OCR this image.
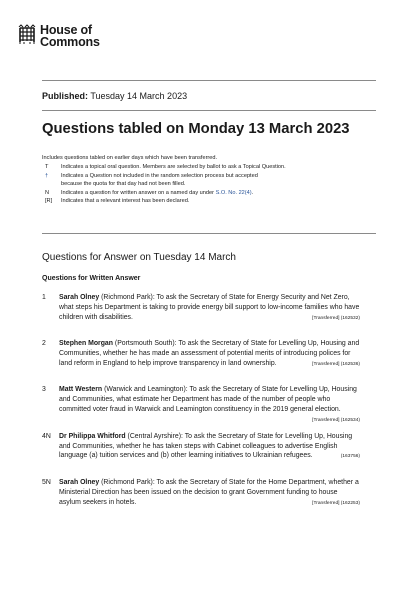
House of
Commons
Published: Tuesday 14 March 2023
Questions tabled on Monday 13 March 2023
Includes questions tabled on earlier days which have been transferred.
T	Indicates a topical oral question. Members are selected by ballot to ask a Topical Question.
†	Indicates a Question not included in the random selection process but accepted because the quota for that day had not been filled.
N	Indicates a question for written answer on a named day under S.O. No. 22(4).
[R]	Indicates that a relevant interest has been declared.
Questions for Answer on Tuesday 14 March
Questions for Written Answer
1 Sarah Olney (Richmond Park): To ask the Secretary of State for Energy Security and Net Zero, what steps his Department is taking to provide energy bill support to low-income families who have children with disabilities.	[Transferred] (162532)
2 Stephen Morgan (Portsmouth South): To ask the Secretary of State for Levelling Up, Housing and Communities, whether he has made an assessment of potential merits of introducing polices for land reform in England to help improve transparency in land ownership.	[Transferred] (162536)
3 Matt Western (Warwick and Leamington): To ask the Secretary of State for Levelling Up, Housing and Communities, what estimate her Department has made of the number of people who committed voter fraud in Warwick and Leamington constituency in the 2019 general election.
[Transferred] (162534)
4N Dr Philippa Whitford (Central Ayrshire): To ask the Secretary of State for Levelling Up, Housing and Communities, whether he has taken steps with Cabinet colleagues to advertise English language (a) tuition services and (b) other learning initiatives to Ukrainian refugees.	(163756)
5N Sarah Olney (Richmond Park): To ask the Secretary of State for the Home Department, whether a Ministerial Direction has been issued on the decision to grant Government funding to house asylum seekers in hotels.	[Transferred] (162253)
